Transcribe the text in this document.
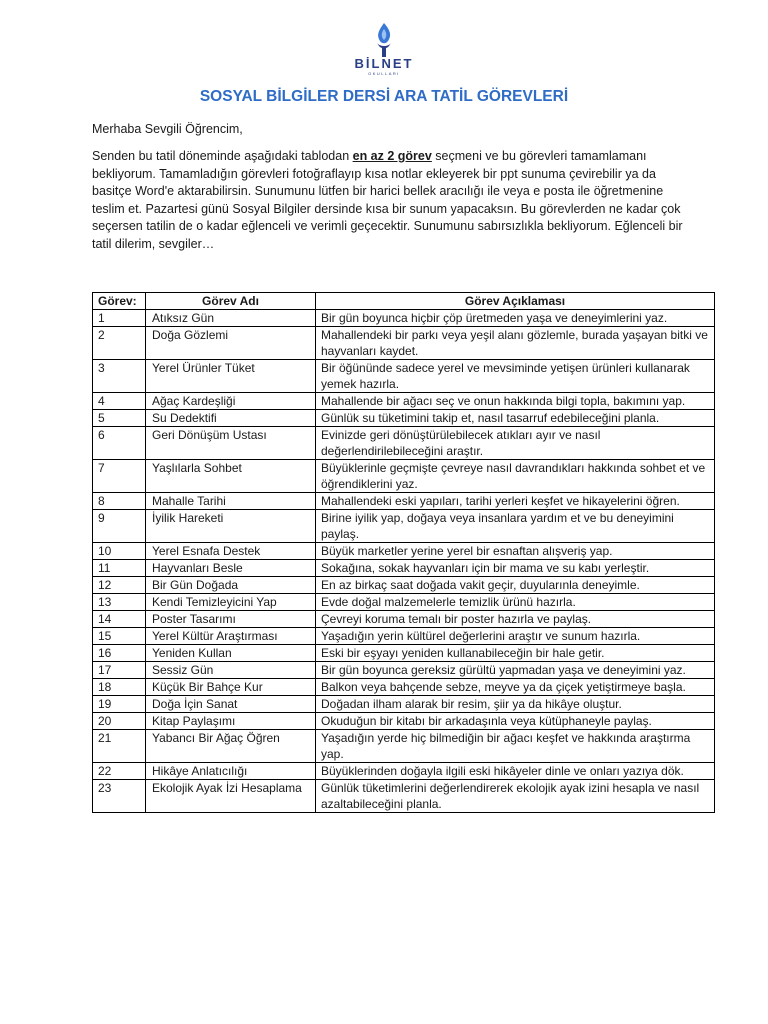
BİLNET
OKULLARI
SOSYAL BİLGİLER DERSİ ARA TATİL GÖREVLERİ

Merhaba Sevgili Öğrencim,

Senden bu tatil döneminde aşağıdaki tablodan en az 2 görev seçmeni ve bu görevleri tamamlamanı bekliyorum. Tamamladığın görevleri fotoğraflayıp kısa notlar ekleyerek bir ppt sunuma çevirebilir ya da basitçe Word'e aktarabilirsin. Sunumunu lütfen bir harici bellek aracılığı ile veya e posta ile öğretmenine teslim et. Pazartesi günü Sosyal Bilgiler dersinde kısa bir sunum yapacaksın. Bu görevlerden ne kadar çok seçersen tatilin de o kadar eğlenceli ve verimli geçecektir. Sunumunu sabırsızlıkla bekliyorum. Eğlenceli bir tatil dilerim, sevgiler…

Görev:	Görev Adı	Görev Açıklaması
1	Atıksız Gün	Bir gün boyunca hiçbir çöp üretmeden yaşa ve deneyimlerini yaz.
2	Doğa Gözlemi	Mahallendeki bir parkı veya yeşil alanı gözlemle, burada yaşayan bitki ve hayvanları kaydet.
3	Yerel Ürünler Tüket	Bir öğününde sadece yerel ve mevsiminde yetişen ürünleri kullanarak yemek hazırla.
4	Ağaç Kardeşliği	Mahallende bir ağacı seç ve onun hakkında bilgi topla, bakımını yap.
5	Su Dedektifi	Günlük su tüketimini takip et, nasıl tasarruf edebileceğini planla.
6	Geri Dönüşüm Ustası	Evinizde geri dönüştürülebilecek atıkları ayır ve nasıl değerlendirilebileceğini araştır.
7	Yaşlılarla Sohbet	Büyüklerinle geçmişte çevreye nasıl davrandıkları hakkında sohbet et ve öğrendiklerini yaz.
8	Mahalle Tarihi	Mahallendeki eski yapıları, tarihi yerleri keşfet ve hikayelerini öğren.
9	İyilik Hareketi	Birine iyilik yap, doğaya veya insanlara yardım et ve bu deneyimini paylaş.
10	Yerel Esnafa Destek	Büyük marketler yerine yerel bir esnaftan alışveriş yap.
11	Hayvanları Besle	Sokağına, sokak hayvanları için bir mama ve su kabı yerleştir.
12	Bir Gün Doğada	En az birkaç saat doğada vakit geçir, duyularınla deneyimle.
13	Kendi Temizleyicini Yap	Evde doğal malzemelerle temizlik ürünü hazırla.
14	Poster Tasarımı	Çevreyi koruma temalı bir poster hazırla ve paylaş.
15	Yerel Kültür Araştırması	Yaşadığın yerin kültürel değerlerini araştır ve sunum hazırla.
16	Yeniden Kullan	Eski bir eşyayı yeniden kullanabileceğin bir hale getir.
17	Sessiz Gün	Bir gün boyunca gereksiz gürültü yapmadan yaşa ve deneyimini yaz.
18	Küçük Bir Bahçe Kur	Balkon veya bahçende sebze, meyve ya da çiçek yetiştirmeye başla.
19	Doğa İçin Sanat	Doğadan ilham alarak bir resim, şiir ya da hikâye oluştur.
20	Kitap Paylaşımı	Okuduğun bir kitabı bir arkadaşınla veya kütüphaneyle paylaş.
21	Yabancı Bir Ağaç Öğren	Yaşadığın yerde hiç bilmediğin bir ağacı keşfet ve hakkında araştırma yap.
22	Hikâye Anlatıcılığı	Büyüklerinden doğayla ilgili eski hikâyeler dinle ve onları yazıya dök.
23	Ekolojik Ayak İzi Hesaplama	Günlük tüketimlerini değerlendirerek ekolojik ayak izini hesapla ve nasıl azaltabileceğini planla.
